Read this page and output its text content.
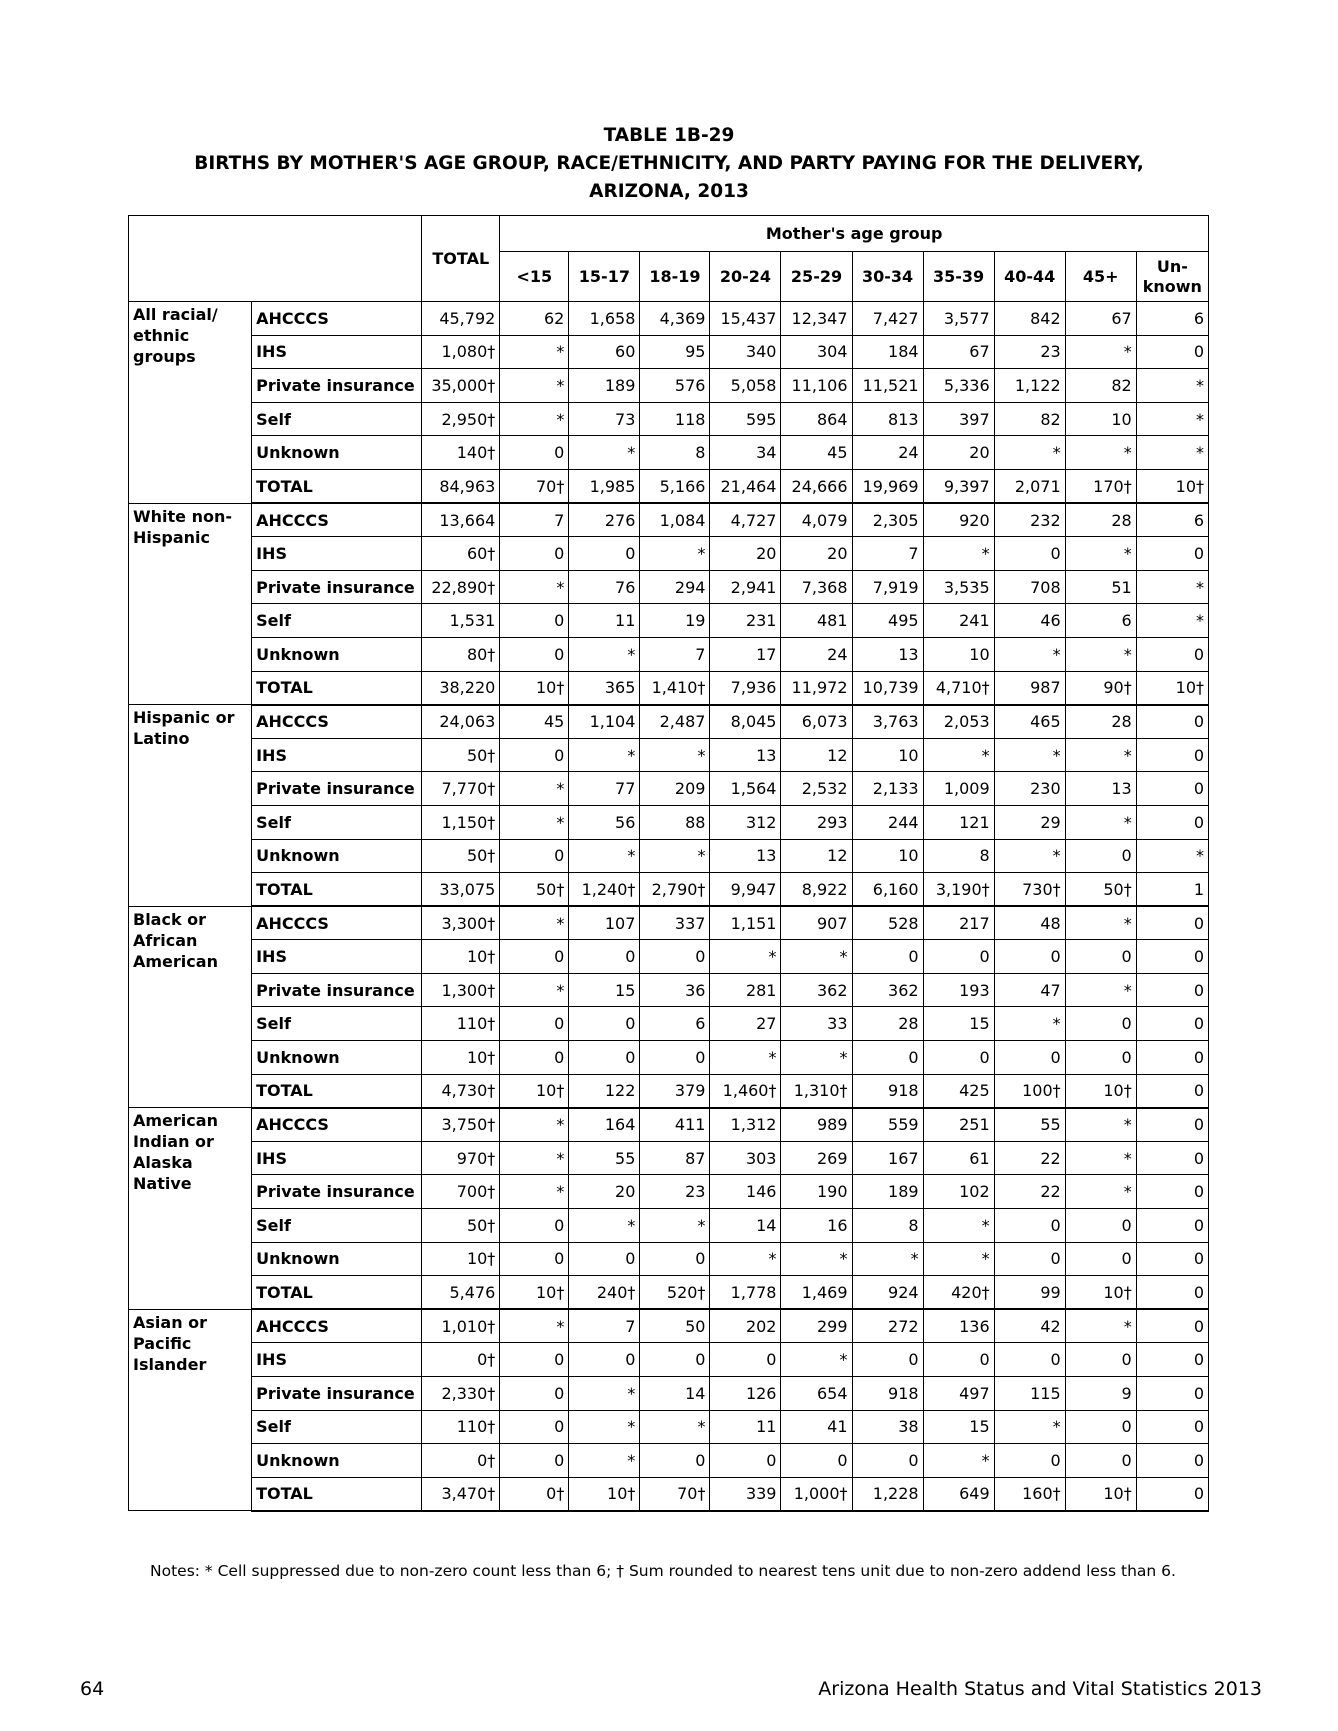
TABLE 1B-29
BIRTHS BY MOTHER'S AGE GROUP, RACE/ETHNICITY, AND PARTY PAYING FOR THE DELIVERY,
ARIZONA, 2013
		TOTAL	Mother's age group									
			<15	15-17	18-19	20-24	25-29	30-34	35-39	40-44	45+	Un-known
All racial/ ethnic groups	AHCCCS	45,792	62	1,658	4,369	15,437	12,347	7,427	3,577	842	67	6
	IHS	1,080†	*	60	95	340	304	184	67	23	*	0
	Private insurance	35,000†	*	189	576	5,058	11,106	11,521	5,336	1,122	82	*
	Self	2,950†	*	73	118	595	864	813	397	82	10	*
	Unknown	140†	0	*	8	34	45	24	20	*	*	*
	TOTAL	84,963	70†	1,985	5,166	21,464	24,666	19,969	9,397	2,071	170†	10†
White non-Hispanic	AHCCCS	13,664	7	276	1,084	4,727	4,079	2,305	920	232	28	6
	IHS	60†	0	0	*	20	20	7	*	0	*	0
	Private insurance	22,890†	*	76	294	2,941	7,368	7,919	3,535	708	51	*
	Self	1,531	0	11	19	231	481	495	241	46	6	*
	Unknown	80†	0	*	7	17	24	13	10	*	*	0
	TOTAL	38,220	10†	365	1,410†	7,936	11,972	10,739	4,710†	987	90†	10†
Hispanic or Latino	AHCCCS	24,063	45	1,104	2,487	8,045	6,073	3,763	2,053	465	28	0
	IHS	50†	0	*	*	13	12	10	*	*	*	0
	Private insurance	7,770†	*	77	209	1,564	2,532	2,133	1,009	230	13	0
	Self	1,150†	*	56	88	312	293	244	121	29	*	0
	Unknown	50†	0	*	*	13	12	10	8	*	0	*
	TOTAL	33,075	50†	1,240†	2,790†	9,947	8,922	6,160	3,190†	730†	50†	1
Black or African American	AHCCCS	3,300†	*	107	337	1,151	907	528	217	48	*	0
	IHS	10†	0	0	0	*	*	0	0	0	0	0
	Private insurance	1,300†	*	15	36	281	362	362	193	47	*	0
	Self	110†	0	0	6	27	33	28	15	*	0	0
	Unknown	10†	0	0	0	*	*	0	0	0	0	0
	TOTAL	4,730†	10†	122	379	1,460†	1,310†	918	425	100†	10†	0
American Indian or Alaska Native	AHCCCS	3,750†	*	164	411	1,312	989	559	251	55	*	0
	IHS	970†	*	55	87	303	269	167	61	22	*	0
	Private insurance	700†	*	20	23	146	190	189	102	22	*	0
	Self	50†	0	*	*	14	16	8	*	0	0	0
	Unknown	10†	0	0	0	*	*	*	*	0	0	0
	TOTAL	5,476	10†	240†	520†	1,778	1,469	924	420†	99	10†	0
Asian or Pacific Islander	AHCCCS	1,010†	*	7	50	202	299	272	136	42	*	0
	IHS	0†	0	0	0	0	*	0	0	0	0	0
	Private insurance	2,330†	0	*	14	126	654	918	497	115	9	0
	Self	110†	0	*	*	11	41	38	15	*	0	0
	Unknown	0†	0	*	0	0	0	0	*	0	0	0
	TOTAL	3,470†	0†	10†	70†	339	1,000†	1,228	649	160†	10†	0
Notes: * Cell suppressed due to non-zero count less than 6; † Sum rounded to nearest tens unit due to non-zero addend less than 6.
64	Arizona Health Status and Vital Statistics 2013
